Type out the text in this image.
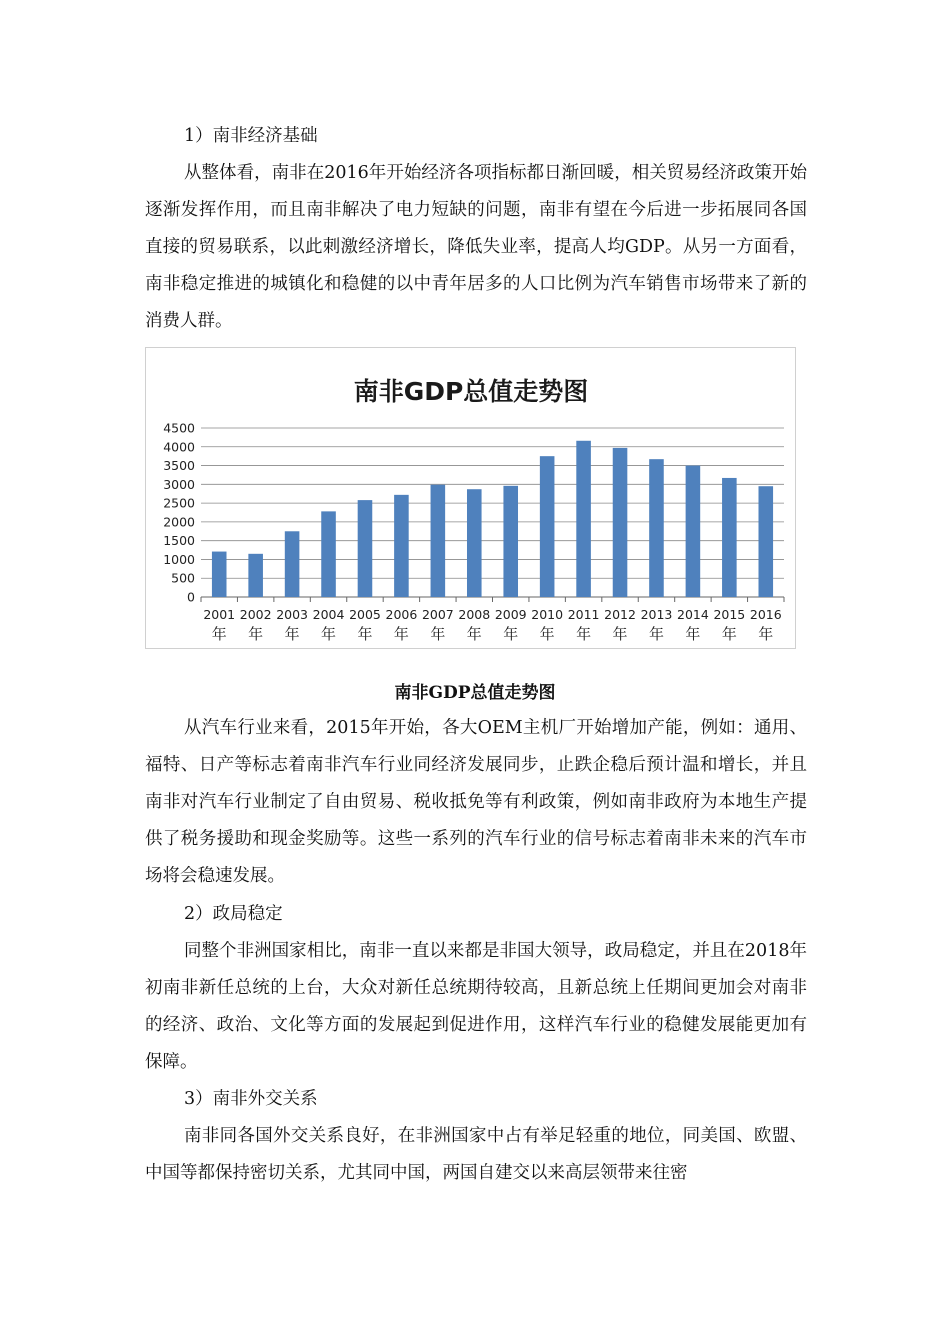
1）南非经济基础

从整体看，南非在2016年开始经济各项指标都日渐回暖，相关贸易经济政策开始逐渐发挥作用，而且南非解决了电力短缺的问题，南非有望在今后进一步拓展同各国直接的贸易联系，以此刺激经济增长，降低失业率，提高人均GDP。从另一方面看，南非稳定推进的城镇化和稳健的以中青年居多的人口比例为汽车销售市场带来了新的消费人群。

南非GDP总值走势图
0
500
1000
1500
2000
2500
3000
3500
4000
4500
2001
年
2002
年
2003
年
2004
年
2005
年
2006
年
2007
年
2008
年
2009
年
2010
年
2011
年
2012
年
2013
年
2014
年
2015
年
2016
年
南非GDP总值走势图

从汽车行业来看，2015年开始，各大OEM主机厂开始增加产能，例如：通用、福特、日产等标志着南非汽车行业同经济发展同步，止跌企稳后预计温和增长，并且南非对汽车行业制定了自由贸易、税收抵免等有利政策，例如南非政府为本地生产提供了税务援助和现金奖励等。这些一系列的汽车行业的信号标志着南非未来的汽车市场将会稳速发展。

2）政局稳定

同整个非洲国家相比，南非一直以来都是非国大领导，政局稳定，并且在2018年初南非新任总统的上台，大众对新任总统期待较高，且新总统上任期间更加会对南非的经济、政治、文化等方面的发展起到促进作用，这样汽车行业的稳健发展能更加有保障。

3）南非外交关系

南非同各国外交关系良好，在非洲国家中占有举足轻重的地位，同美国、欧盟、中国等都保持密切关系，尤其同中国，两国自建交以来高层领带来往密
